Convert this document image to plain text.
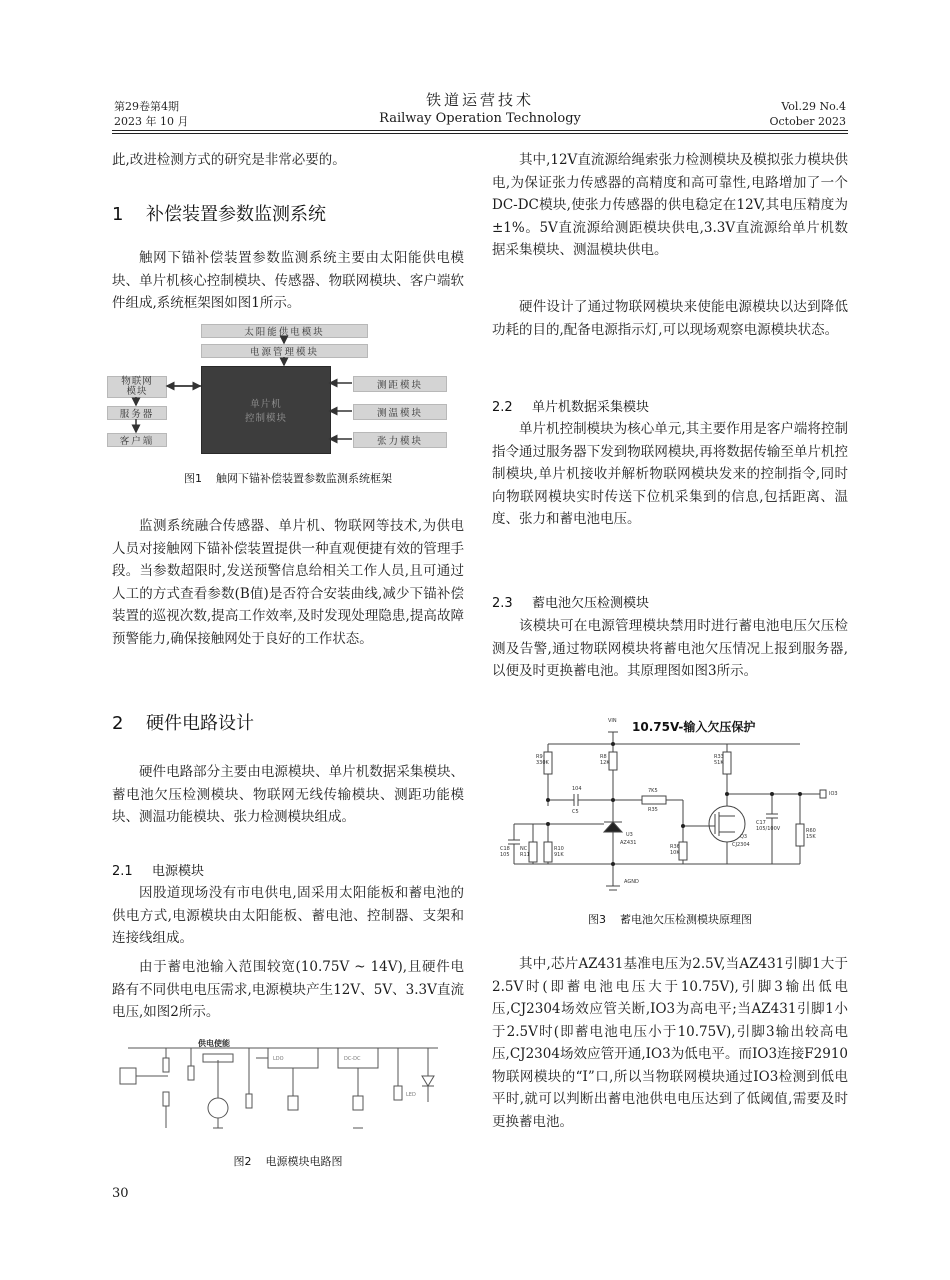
第29卷第4期
2023 年 10 月
铁道运营技术
Railway Operation Technology
Vol.29 No.4
October 2023

此,改进检测方式的研究是非常必要的。

1 补偿装置参数监测系统

触网下锚补偿装置参数监测系统主要由太阳能供电模块、单片机核心控制模块、传感器、物联网模块、客户端软件组成,系统框架图如图1所示。

太阳能供电模块
电源管理模块
单片机
控制模块
物联网
模块
服务器
客户端
测距模块
测温模块
张力模块
图1 触网下锚补偿装置参数监测系统框架

监测系统融合传感器、单片机、物联网等技术,为供电人员对接触网下锚补偿装置提供一种直观便捷有效的管理手段。当参数超限时,发送预警信息给相关工作人员,且可通过人工的方式查看参数(B值)是否符合安装曲线,减少下锚补偿装置的巡视次数,提高工作效率,及时发现处理隐患,提高故障预警能力,确保接触网处于良好的工作状态。

2 硬件电路设计

硬件电路部分主要由电源模块、单片机数据采集模块、蓄电池欠压检测模块、物联网无线传输模块、测距功能模块、测温功能模块、张力检测模块组成。

2.1 电源模块

因股道现场没有市电供电,固采用太阳能板和蓄电池的供电方式,电源模块由太阳能板、蓄电池、控制器、支架和连接线组成。

由于蓄电池输入范围较宽(10.75V ~ 14V),且硬件电路有不同供电电压需求,电源模块产生12V、5V、3.3V直流电压,如图2所示。

LDO	DC-DC
LED
供电使能
图2 电源模块电路图
30

其中,12V直流源给绳索张力检测模块及模拟张力模块供电,为保证张力传感器的高精度和高可靠性,电路增加了一个DC-DC模块,使张力传感器的供电稳定在12V,其电压精度为±1%。5V直流源给测距模块供电,3.3V直流源给单片机数据采集模块、测温模块供电。

硬件设计了通过物联网模块来使能电源模块以达到降低功耗的目的,配备电源指示灯,可以现场观察电源模块状态。

2.2 单片机数据采集模块

单片机控制模块为核心单元,其主要作用是客户端将控制指令通过服务器下发到物联网模块,再将数据传输至单片机控制模块,单片机接收并解析物联网模块发来的控制指令,同时向物联网模块实时传送下位机采集到的信息,包括距离、温度、张力和蓄电池电压。

2.3 蓄电池欠压检测模块

该模块可在电源管理模块禁用时进行蓄电池电压欠压检测及告警,通过物联网模块将蓄电池欠压情况上报到服务器,以便及时更换蓄电池。其原理图如图3所示。

10.75V-输入欠压保护
VIN
AGND
IO3
R9
330K
R8
12K
R33
51K
104
C5
7K5
R35
U3
AZ431
Q3
CJ2304
C18
105
NC
R11
R10
91K
R36
10K
C17
105/100V	R60
15K
图3 蓄电池欠压检测模块原理图

其中,芯片AZ431基准电压为2.5V,当AZ431引脚1大于2.5V时(即蓄电池电压大于10.75V),引脚3输出低电压,CJ2304场效应管关断,IO3为高电平;当AZ431引脚1小于2.5V时(即蓄电池电压小于10.75V),引脚3输出较高电压,CJ2304场效应管开通,IO3为低电平。而IO3连接F2910物联网模块的“I”口,所以当物联网模块通过IO3检测到低电平时,就可以判断出蓄电池供电电压达到了低阈值,需要及时更换蓄电池。
